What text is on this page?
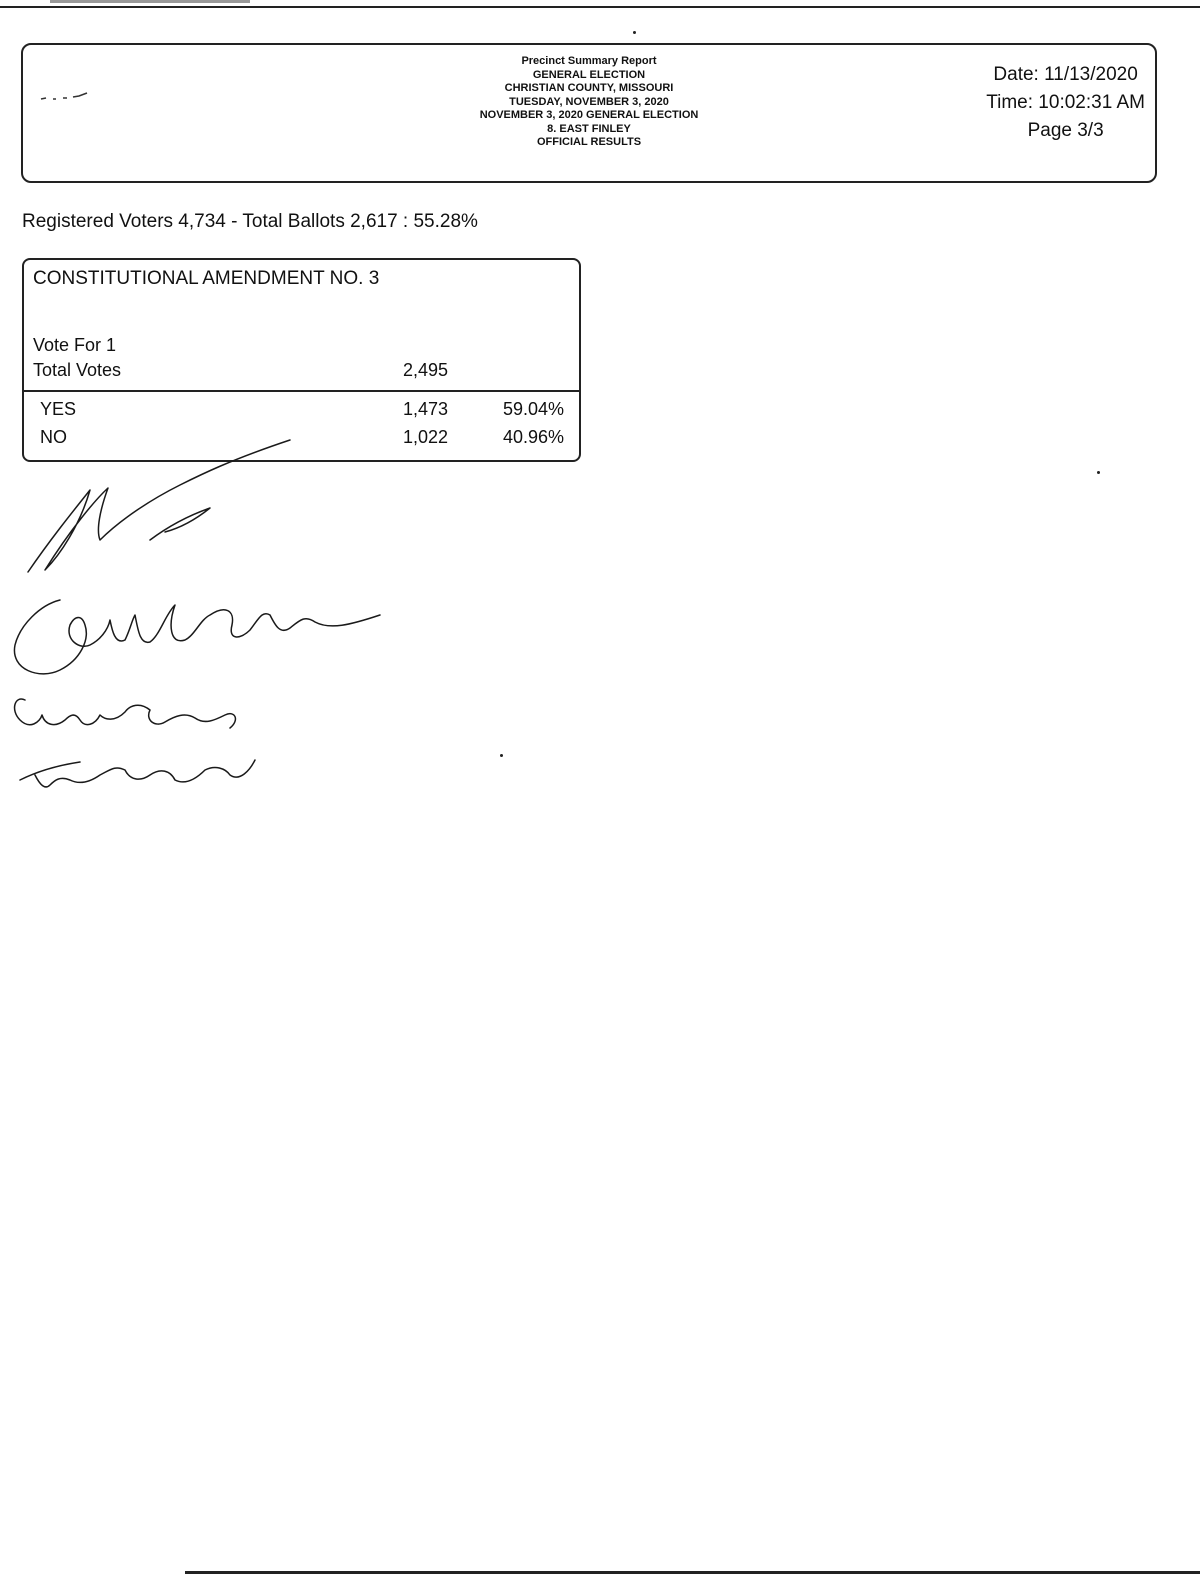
Precinct Summary Report
GENERAL ELECTION
CHRISTIAN COUNTY, MISSOURI
TUESDAY, NOVEMBER 3, 2020
NOVEMBER 3, 2020 GENERAL ELECTION
8. EAST FINLEY
OFFICIAL RESULTS
Date: 11/13/2020
Time: 10:02:31 AM
Page 3/3
Registered Voters 4,734 - Total Ballots 2,617 : 55.28%
CONSTITUTIONAL AMENDMENT NO. 3
Vote For 1
Total Votes	2,495
YES	1,473	59.04%
NO	1,022	40.96%
